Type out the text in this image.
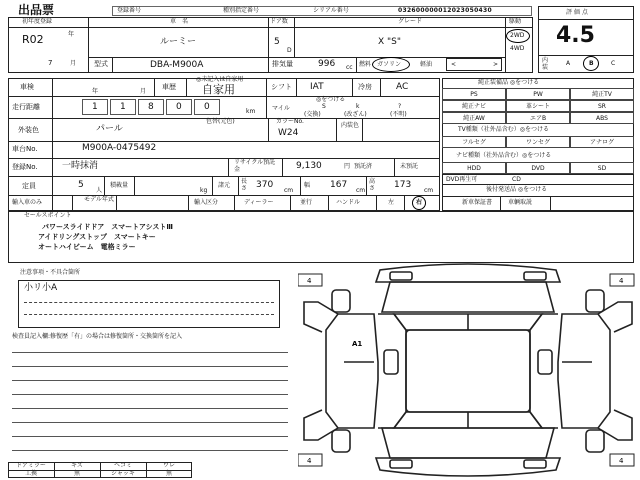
出品票	登録番号	種別指定番号	シリアル番号	032600000012023050430
初年度登録
R02	年
7	月
車　名
ルーミー
ドア数
5
D
グレード
X "S"
駆動
2WD
4WD
型式	DBA-M900A	排気量	996 cc 燃料 ガソリン	軽油	<	>
評 価 点
4.5
内装
A	B	C
車検
年	月
車歴
◎未記入は自家用
自家用	シフト IAT	冷房	AC
走行距離	1 1 8 0 0	km
◎をつける
マイル	S	k	?
(交換)	(改ざん)	(不明)
外装色	パール
色替(元色)	カラーNo.
W24
内装色
車台No.	M900A-0475492
登録No.	一時抹消	リサイクル預託金	9,130	円 預託済	未預託
定員	5
人
積載量
kg
諸元
長さ 370
cm
幅 167
cm
高さ 173
cm
輸入車のみ	モデル年式	輸入区分	ディーラー	並行	ハンドル	左	右
純正装備品 ◎をつける
PS	PW	純正TV
純正ナビ	革シート	SR
純正AW	エアB	ABS
TV種類（社外品含む）◎をつける
フルセグ	ワンセグ	アナログ
ナビ種類（社外品含む）◎をつける
HDD	DVD	SD
DVD再生可	CD
後付発送品 ◎をつける
新車保証書	車輌取説
セールスポイント
パワースライドドア　スマートアシストⅢ
アイドリングストップ　スマートキー
オートハイビーム　電格ミラー
注意事項・不具合箇所
小リ小A
検査員記入欄:修復歴「有」の場合は修復箇所・交換箇所を記入
ドアミラー
工換
キズ
無
ヘコミ
ジャッキ
ワレ
無
4	4
4	4
A1
